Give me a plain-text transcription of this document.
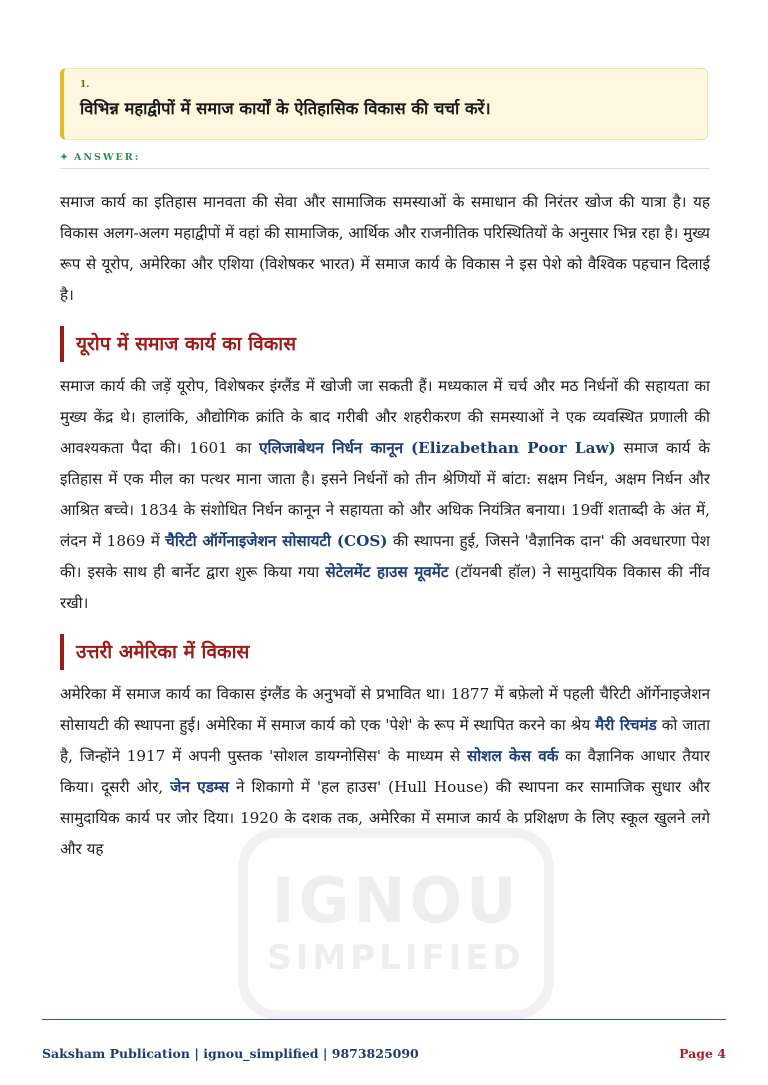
IGNOU
SIMPLIFIED
1.
विभिन्न महाद्वीपों में समाज कार्यों के ऐतिहासिक विकास की चर्चा करें।
✦ ANSWER:

समाज कार्य का इतिहास मानवता की सेवा और सामाजिक समस्याओं के समाधान की निरंतर खोज की यात्रा है। यह विकास अलग-अलग महाद्वीपों में वहां की सामाजिक, आर्थिक और राजनीतिक परिस्थितियों के अनुसार भिन्न रहा है। मुख्य रूप से यूरोप, अमेरिका और एशिया (विशेषकर भारत) में समाज कार्य के विकास ने इस पेशे को वैश्विक पहचान दिलाई है।

यूरोप में समाज कार्य का विकास

समाज कार्य की जड़ें यूरोप, विशेषकर इंग्लैंड में खोजी जा सकती हैं। मध्यकाल में चर्च और मठ निर्धनों की सहायता का मुख्य केंद्र थे। हालांकि, औद्योगिक क्रांति के बाद गरीबी और शहरीकरण की समस्याओं ने एक व्यवस्थित प्रणाली की आवश्यकता पैदा की। 1601 का एलिजाबेथन निर्धन कानून (Elizabethan Poor Law) समाज कार्य के इतिहास में एक मील का पत्थर माना जाता है। इसने निर्धनों को तीन श्रेणियों में बांटा: सक्षम निर्धन, अक्षम निर्धन और आश्रित बच्चे। 1834 के संशोधित निर्धन कानून ने सहायता को और अधिक नियंत्रित बनाया। 19वीं शताब्दी के अंत में, लंदन में 1869 में चैरिटी ऑर्गेनाइजेशन सोसायटी (COS) की स्थापना हुई, जिसने 'वैज्ञानिक दान' की अवधारणा पेश की। इसके साथ ही बार्नेट द्वारा शुरू किया गया सेटेलमेंट हाउस मूवमेंट (टॉयनबी हॉल) ने सामुदायिक विकास की नींव रखी।

उत्तरी अमेरिका में विकास

अमेरिका में समाज कार्य का विकास इंग्लैंड के अनुभवों से प्रभावित था। 1877 में बफ़ेलो में पहली चैरिटी ऑर्गेनाइजेशन सोसायटी की स्थापना हुई। अमेरिका में समाज कार्य को एक 'पेशे' के रूप में स्थापित करने का श्रेय मैरी रिचमंड को जाता है, जिन्होंने 1917 में अपनी पुस्तक 'सोशल डायग्नोसिस' के माध्यम से सोशल केस वर्क का वैज्ञानिक आधार तैयार किया। दूसरी ओर, जेन एडम्स ने शिकागो में 'हल हाउस' (Hull House) की स्थापना कर सामाजिक सुधार और सामुदायिक कार्य पर जोर दिया। 1920 के दशक तक, अमेरिका में समाज कार्य के प्रशिक्षण के लिए स्कूल खुलने लगे और यह

Saksham Publication | ignou_simplified | 9873825090	Page 4
